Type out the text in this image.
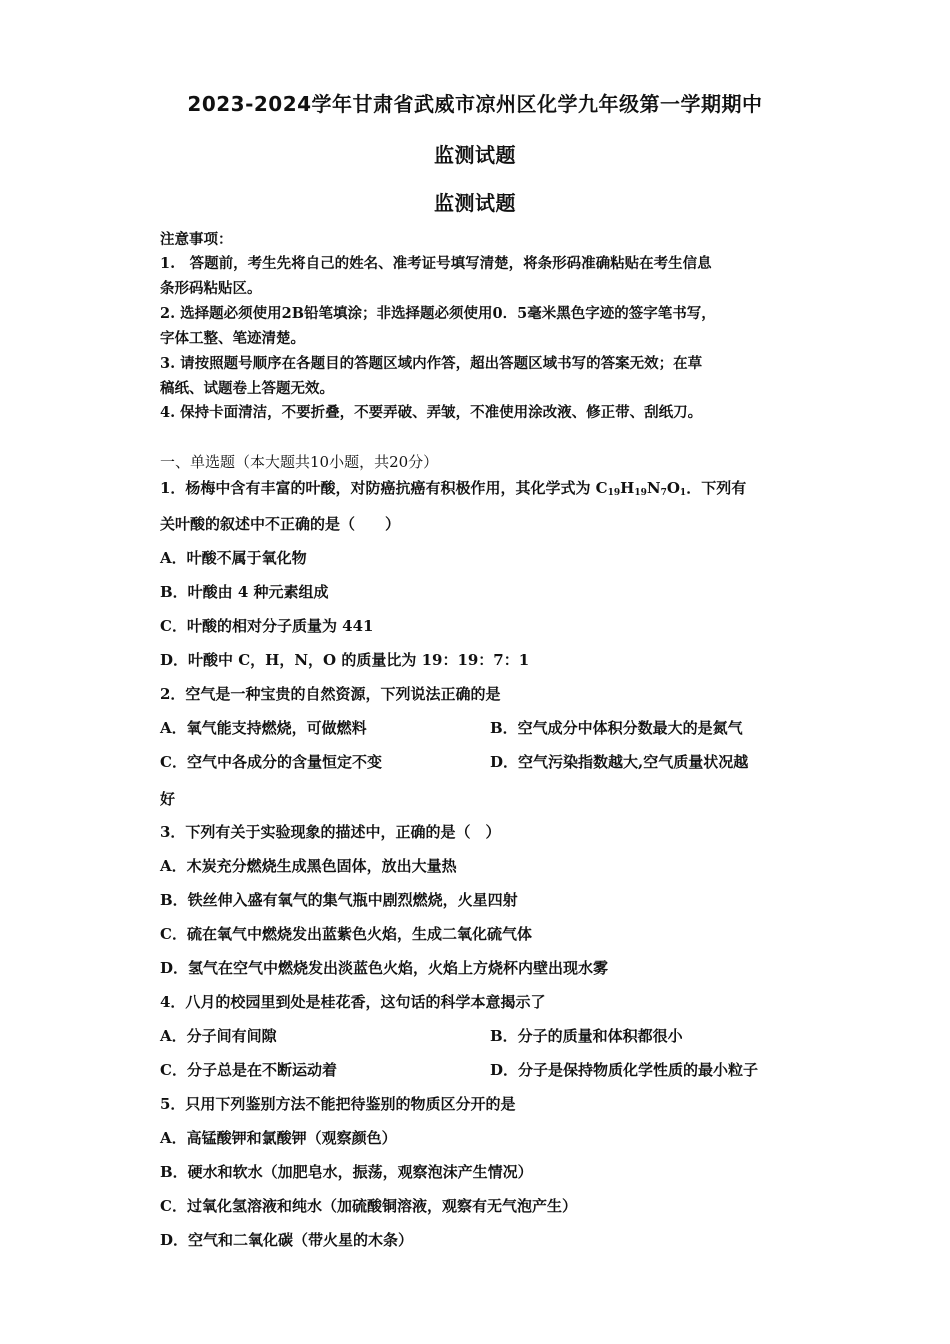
2023-2024学年甘肃省武威市凉州区化学九年级第一学期期中
监测试题
监测试题
注意事项：
1.　答题前，考生先将自己的姓名、准考证号填写清楚，将条形码准确粘贴在考生信息
条形码粘贴区。
2. 选择题必须使用2B铅笔填涂；非选择题必须使用0．5毫米黑色字迹的签字笔书写，
字体工整、笔迹清楚。
3. 请按照题号顺序在各题目的答题区域内作答，超出答题区域书写的答案无效；在草
稿纸、试题卷上答题无效。
4. 保持卡面清洁，不要折叠，不要弄破、弄皱，不准使用涂改液、修正带、刮纸刀。
一、单选题（本大题共10小题，共20分）
1．杨梅中含有丰富的叶酸，对防癌抗癌有积极作用，其化学式为 $C_{19}H_{19}N_7O_1$．下列有
关叶酸的叙述中不正确的是（　　）
A．叶酸不属于氧化物
B．叶酸由 4 种元素组成
C．叶酸的相对分子质量为 441
D．叶酸中 C，H，N，O 的质量比为 19：19：7：1
2．空气是一种宝贵的自然资源，下列说法正确的是
A．氧气能支持燃烧，可做燃料	B．空气成分中体积分数最大的是氮气
C．空气中各成分的含量恒定不变	D．空气污染指数越大,空气质量状况越
好
3．下列有关于实验现象的描述中，正确的是（　）
A．木炭充分燃烧生成黑色固体，放出大量热
B．铁丝伸入盛有氧气的集气瓶中剧烈燃烧，火星四射
C．硫在氧气中燃烧发出蓝紫色火焰，生成二氧化硫气体
D．氢气在空气中燃烧发出淡蓝色火焰，火焰上方烧杯内壁出现水雾
4．八月的校园里到处是桂花香，这句话的科学本意揭示了
A．分子间有间隙	B．分子的质量和体积都很小
C．分子总是在不断运动着	D．分子是保持物质化学性质的最小粒子
5．只用下列鉴别方法不能把待鉴别的物质区分开的是
A．高锰酸钾和氯酸钾（观察颜色）
B．硬水和软水（加肥皂水，振荡，观察泡沫产生情况）
C．过氧化氢溶液和纯水（加硫酸铜溶液，观察有无气泡产生）
D．空气和二氧化碳（带火星的木条）
